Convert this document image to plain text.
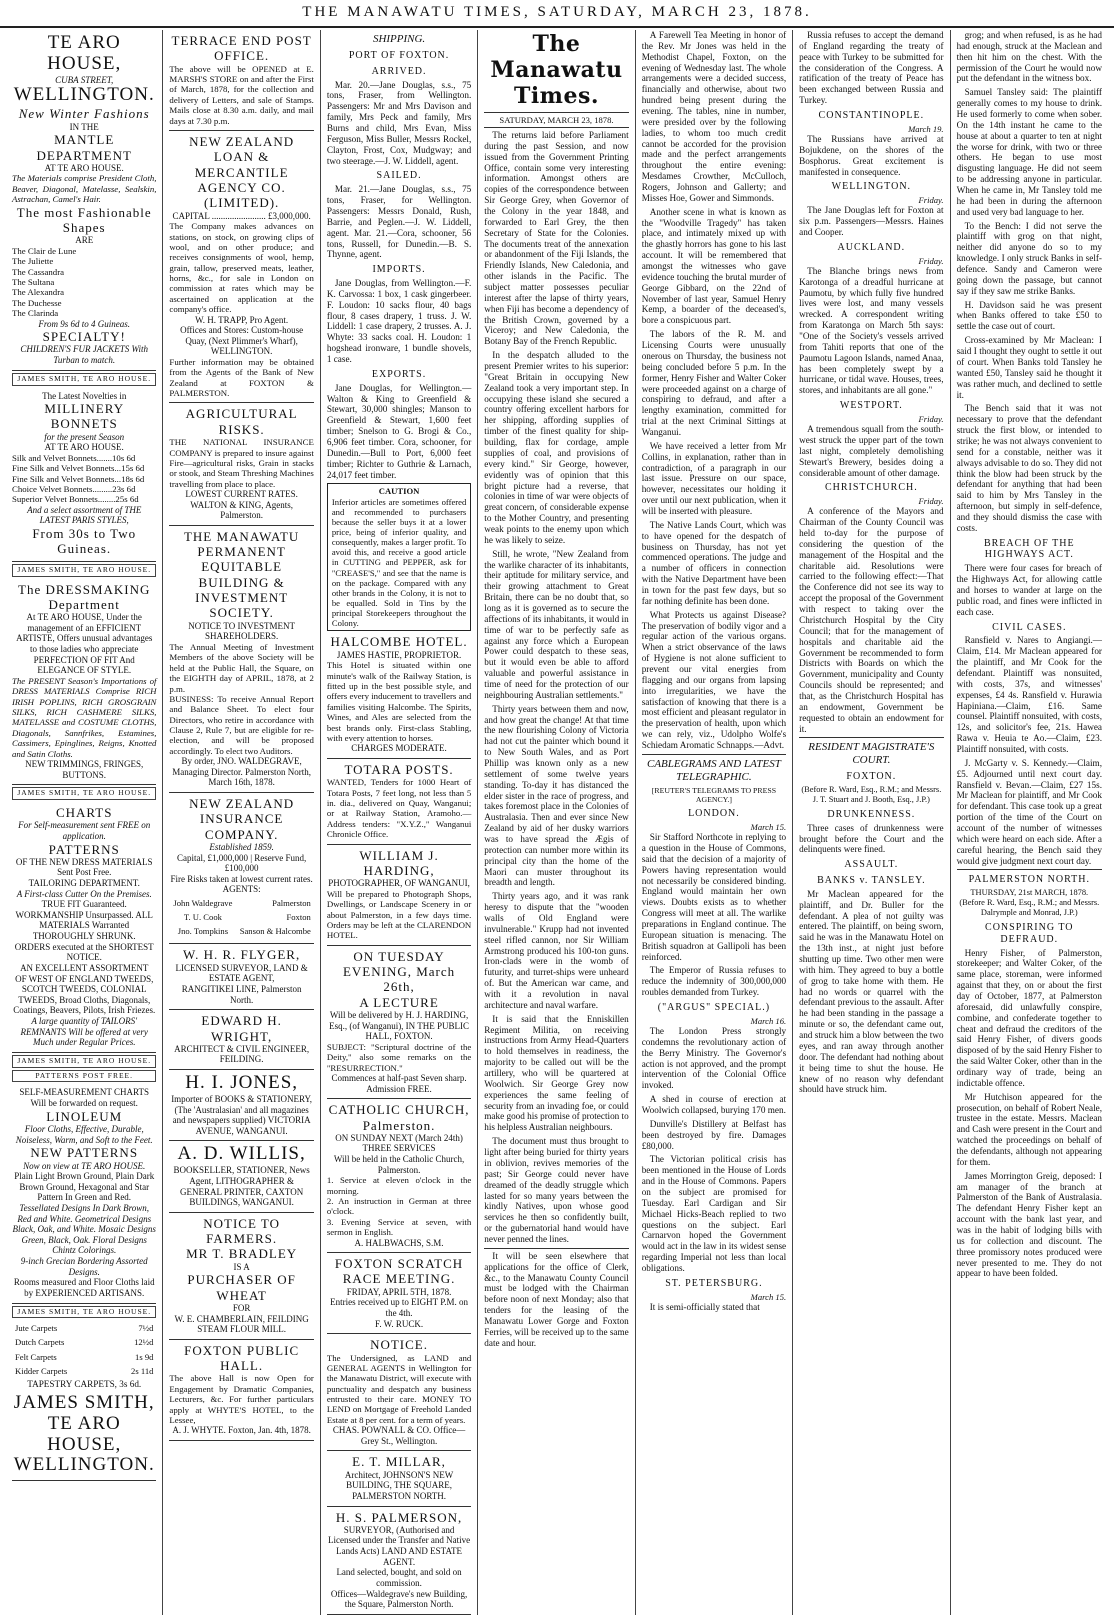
THE MANAWATU TIMES, SATURDAY, MARCH 23, 1878.
TE ARO HOUSE,
CUBA STREET,
WELLINGTON.
New Winter Fashions
IN THE
MANTLE DEPARTMENT
AT TE ARO HOUSE.
The Materials comprise President Cloth, Beaver, Diagonal, Matelasse, Sealskin, Astrachan, Camel's Hair.
The most Fashionable Shapes
ARE
The Clair de Lune
The Juliette
The Cassandra
The Sultana
The Alexandra
The Duchesse
The Clarinda
From 9s 6d to 4 Guineas.
SPECIALTY!
CHILDREN'S FUR JACKETS With Turban to match.
JAMES SMITH, TE ARO HOUSE.
The Latest Novelties in
MILLINERY BONNETS
for the present Season
AT TE ARO HOUSE.
Silk and Velvet Bonnets.......10s 6d
Fine Silk and Velvet Bonnets...15s 6d
Fine Silk and Velvet Bonnets...18s 6d
Choice Velvet Bonnets.........23s 6d
Superior Velvet Bonnets........25s 6d
And a select assortment of THE LATEST PARIS STYLES,
From 30s to Two Guineas.
JAMES SMITH, TE ARO HOUSE.
The DRESSMAKING Department
At TE ARO HOUSE, Under the management of an EFFICIENT ARTISTE, Offers unusual advantages to those ladies who appreciate PERFECTION OF FIT And ELEGANCE OF STYLE.
The PRESENT Season's Importations of DRESS MATERIALS Comprise RICH IRISH POPLINS, RICH GROSGRAIN SILKS, RICH CASHMERE SILKS, MATELASSE and COSTUME CLOTHS, Diagonals, Sannfrikes, Estamines, Cassimers, Epinglines, Reigns, Knotted and Satin Cloths.
NEW TRIMMINGS, FRINGES, BUTTONS.
JAMES SMITH, TE ARO HOUSE.
CHARTS
For Self-measurement sent FREE on application.
PATTERNS
OF THE NEW DRESS MATERIALS Sent Post Free.
TAILORING DEPARTMENT.
A First-class Cutter On the Premises.
TRUE FIT Guaranteed. WORKMANSHIP Unsurpassed. ALL MATERIALS Warranted THOROUGHLY SHRUNK.
ORDERS executed at the SHORTEST NOTICE.
AN EXCELLENT ASSORTMENT
OF WEST OF ENGLAND TWEEDS, SCOTCH TWEEDS, COLONIAL TWEEDS, Broad Cloths, Diagonals, Coatings, Beavers, Pilots, Irish Friezes.
A large quantity of TAILORS' REMNANTS Will be offered at very Much under Regular Prices.
JAMES SMITH, TE ARO HOUSE.
PATTERNS POST FREE.
SELF-MEASUREMENT CHARTS Will be forwarded on request.
LINOLEUM
Floor Cloths, Effective, Durable, Noiseless, Warm, and Soft to the Feet.
NEW PATTERNS
Now on view at TE ARO HOUSE.
Plain Light Brown Ground, Plain Dark Brown Ground, Hexagonal and Star Pattern In Green and Red.
Tessellated Designs In Dark Brown, Red and White. Geometrical Designs Black, Oak, and White. Mosaic Designs Green, Black, Oak. Floral Designs Chintz Colorings.
9-inch Grecian Bordering Assorted Designs.
Rooms measured and Floor Cloths laid by EXPERIENCED ARTISANS.
JAMES SMITH, TE ARO HOUSE.
Jute Carpets	7½d
Dutch Carpets	12½d
Felt Carpets	1s 9d
Kidder Carpets	2s 11d
TAPESTRY CARPETS, 3s 6d.
JAMES SMITH,
TE ARO HOUSE,
WELLINGTON.
TERRACE END POST OFFICE.
The above will be OPENED at E. MARSH'S STORE on and after the First of March, 1878, for the collection and delivery of Letters, and sale of Stamps. Mails close at 8.30 a.m. daily, and mail days at 7.30 p.m.
NEW ZEALAND LOAN & MERCANTILE AGENCY CO. (LIMITED).
CAPITAL ........................ £3,000,000.
The Company makes advances on stations, on stock, on growing clips of wool, and on other produce; and receives consignments of wool, hemp, grain, tallow, preserved meats, leather, horns, &c., for sale in London on commission at rates which may be ascertained on application at the company's office.
W. H. TRAPP, Pro Agent.
Offices and Stores: Custom-house Quay, (Next Plimmer's Wharf), WELLINGTON.
Further information may be obtained from the Agents of the Bank of New Zealand at FOXTON & PALMERSTON.
AGRICULTURAL RISKS.
THE NATIONAL INSURANCE COMPANY is prepared to insure against Fire—agricultural risks, Grain in stacks or stook, and Steam Threshing Machines travelling from place to place.
LOWEST CURRENT RATES.
WALTON & KING, Agents, Palmerston.
THE MANAWATU PERMANENT EQUITABLE BUILDING & INVESTMENT SOCIETY.
NOTICE TO INVESTMENT SHAREHOLDERS.
The Annual Meeting of Investment Members of the above Society will be held at the Public Hall, the Square, on the EIGHTH day of APRIL, 1878, at 2 p.m.
BUSINESS: To receive Annual Report and Balance Sheet. To elect four Directors, who retire in accordance with Clause 2, Rule 7, but are eligible for re-election, and will be proposed accordingly. To elect two Auditors.
By order, JNO. WALDEGRAVE, Managing Director. Palmerston North, March 16th, 1878.
NEW ZEALAND INSURANCE COMPANY.
Established 1859.
Capital, £1,000,000 | Reserve Fund, £100,000
Fire Risks taken at lowest current rates.
AGENTS:
John Waldegrave	Palmerston
T. U. Cook	Foxton
Jno. Tompkins	Sanson & Halcombe
W. H. R. FLYGER,
LICENSED SURVEYOR, LAND & ESTATE AGENT,
RANGITIKEI LINE, Palmerston North.
EDWARD H. WRIGHT,
ARCHITECT & CIVIL ENGINEER, FEILDING.
H. I. JONES,
Importer of BOOKS & STATIONERY, (The 'Australasian' and all magazines and newspapers supplied) VICTORIA AVENUE, WANGANUI.
A. D. WILLIS,
BOOKSELLER, STATIONER, News Agent, LITHOGRAPHER & GENERAL PRINTER, CAXTON BUILDINGS, WANGANUI.
NOTICE TO FARMERS.
MR T. BRADLEY
IS A
PURCHASER OF WHEAT
FOR
W. E. CHAMBERLAIN, FEILDING STEAM FLOUR MILL.
FOXTON PUBLIC HALL.
The above Hall is now Open for Engagement by Dramatic Companies, Lecturers, &c. For further particulars apply at WHYTE'S HOTEL, to the Lessee,
A. J. WHYTE. Foxton, Jan. 4th, 1878.
SHIPPING.
PORT OF FOXTON.
ARRIVED.

Mar. 20.—Jane Douglas, s.s., 75 tons, Fraser, from Wellington. Passengers: Mr and Mrs Davison and family, Mrs Peck and family, Mrs Burns and child, Mrs Evan, Miss Ferguson, Miss Buller, Messrs Rockel, Clayton, Frost, Cox, Mudgway; and two steerage.—J. W. Liddell, agent.

SAILED.

Mar. 21.—Jane Douglas, s.s., 75 tons, Fraser, for Wellington. Passengers: Messrs Donald, Rush, Barrie, and Peglen.—J. W. Liddell, agent. Mar. 21.—Cora, schooner, 56 tons, Russell, for Dunedin.—B. S. Thynne, agent.

IMPORTS.

Jane Douglas, from Wellington.—F. K. Carvossa: 1 box, 1 cask gingerbeer. F. Loudon: 10 sacks flour, 40 bags flour, 8 cases drapery, 1 truss. J. W. Liddell: 1 case drapery, 2 trusses. A. J. Whyte: 33 sacks coal. H. Loudon: 1 hogshead ironware, 1 bundle shovels, 1 case.

EXPORTS.

Jane Douglas, for Wellington.—Walton & King to Greenfield & Stewart, 30,000 shingles; Manson to Greenfield & Stewart, 1,600 feet timber; Snelson to G. Brogi & Co., 6,906 feet timber. Cora, schooner, for Dunedin.—Bull to Port, 6,000 feet timber; Richter to Guthrie & Larnach, 24,017 feet timber.

CAUTION
Inferior articles are sometimes offered and recommended to purchasers because the seller buys it at a lower price, being of inferior quality, and consequently, makes a larger profit. To avoid this, and receive a good article in CUTTING and PEPPER, ask for "CREASE'S," and see that the name is on the package. Compared with any other brands in the Colony, it is not to be equalled. Sold in Tins by the principal Storekeepers throughout the Colony.
HALCOMBE HOTEL.
JAMES HASTIE, PROPRIETOR.
This Hotel is situated within one minute's walk of the Railway Station, is fitted up in the best possible style, and offers every inducement to travellers and families visiting Halcombe. The Spirits, Wines, and Ales are selected from the best brands only. First-class Stabling, with every attention to horses.
CHARGES MODERATE.
TOTARA POSTS.
WANTED, Tenders for 1000 Heart of Totara Posts, 7 feet long, not less than 5 in. dia., delivered on Quay, Wanganui; or at Railway Station, Aramoho.—Address tenders: "X.Y.Z.," Wanganui Chronicle Office.
WILLIAM J. HARDING,
PHOTOGRAPHER, OF WANGANUI,
Will be prepared to Photograph Shops, Dwellings, or Landscape Scenery in or about Palmerston, in a few days time. Orders may be left at the CLARENDON HOTEL.
ON TUESDAY EVENING, March 26th,
A LECTURE
Will be delivered by H. J. HARDING, Esq., (of Wanganui), IN THE PUBLIC HALL, FOXTON.
SUBJECT: "Scriptural doctrine of the Deity," also some remarks on the "RESURRECTION."
Commences at half-past Seven sharp. Admission FREE.
CATHOLIC CHURCH, Palmerston.
ON SUNDAY NEXT (March 24th) THREE SERVICES
Will be held in the Catholic Church, Palmerston.
1. Service at eleven o'clock in the morning.
2. An instruction in German at three o'clock.
3. Evening Service at seven, with sermon in English.
A. HALBWACHS, S.M.
FOXTON SCRATCH RACE MEETING.
FRIDAY, APRIL 5TH, 1878.
Entries received up to EIGHT P.M. on the 4th.
F. W. RUCK.
NOTICE.
The Undersigned, as LAND and GENERAL AGENTS in Wellington for the Manawatu District, will execute with punctuality and despatch any business entrusted to their care. MONEY TO LEND on Mortgage of Freehold Landed Estate at 8 per cent. for a term of years.
CHAS. POWNALL & CO. Office—Grey St., Wellington.
E. T. MILLAR,
Architect, JOHNSON'S NEW BUILDING, THE SQUARE, PALMERSTON NORTH.
H. S. PALMERSON,
SURVEYOR, (Authorised and Licensed under the Transfer and Native Lands Acts) LAND AND ESTATE AGENT.
Land selected, bought, and sold on commission.
Offices—Waldegrave's new Building, the Square, Palmerston North.
The Manawatu Times.
SATURDAY, MARCH 23, 1878.

The returns laid before Parliament during the past Session, and now issued from the Government Printing Office, contain some very interesting information. Amongst others are copies of the correspondence between Sir George Grey, when Governor of the Colony in the year 1848, and forwarded to Earl Grey, the then Secretary of State for the Colonies. The documents treat of the annexation or abandonment of the Fiji Islands, the Friendly Islands, New Caledonia, and other islands in the Pacific. The subject matter possesses peculiar interest after the lapse of thirty years, when Fiji has become a dependency of the British Crown, governed by a Viceroy; and New Caledonia, the Botany Bay of the French Republic.

In the despatch alluded to the present Premier writes to his superior: "Great Britain in occupying New Zealand took a very important step. In occupying these island she secured a country offering excellent harbors for her shipping, affording supplies of timber of the finest quality for ship-building, flax for cordage, ample supplies of coal, and provisions of every kind." Sir George, however, evidently was of opinion that this bright picture had a reverse, that colonies in time of war were objects of great concern, of considerable expense to the Mother Country, and presenting weak points to the enemy upon which he was likely to seize.

Still, he wrote, "New Zealand from the warlike character of its inhabitants, their aptitude for military service, and their growing attachment to Great Britain, there can be no doubt that, so long as it is governed as to secure the affections of its inhabitants, it would in time of war to be perfectly safe as against any force which a European Power could despatch to these seas, but it would even be able to afford valuable and powerful assistance in time of need for the protection of our neighbouring Australian settlements."

Thirty years between them and now, and how great the change! At that time the new flourishing Colony of Victoria had not cut the painter which bound it to New South Wales, and as Port Phillip was known only as a new settlement of some twelve years standing. To-day it has distanced the elder sister in the race of progress, and takes foremost place in the Colonies of Australasia. Then and ever since New Zealand by aid of her dusky warriors was to have spread the Ægis of protection can number more within its principal city than the home of the Maori can muster throughout its breadth and length.

Thirty years ago, and it was rank heresy to dispute that the "wooden walls of Old England were invulnerable." Krupp had not invented steel rifled cannon, nor Sir William Armstrong produced his 100-ton guns. Iron-clads were in the womb of futurity, and turret-ships were unheard of. But the American war came, and with it a revolution in naval architecture and naval warfare.

It is said that the Enniskillen Regiment Militia, on receiving instructions from Army Head-Quarters to hold themselves in readiness, the majority to be called out will be the artillery, who will be quartered at Woolwich. Sir George Grey now experiences the same feeling of security from an invading foe, or could make good his promise of protection to his helpless Australian neighbours.

The document must thus brought to light after being buried for thirty years in oblivion, revives memories of the past; Sir George could never have dreamed of the deadly struggle which lasted for so many years between the kindly Natives, upon whose good services he then so confidently built, or the gubernatorial hand would have never penned the lines.

It will be seen elsewhere that applications for the office of Clerk, &c., to the Manawatu County Council must be lodged with the Chairman before noon of next Monday; also that tenders for the leasing of the Manawatu Lower Gorge and Foxton Ferries, will be received up to the same date and hour.

A Farewell Tea Meeting in honor of the Rev. Mr Jones was held in the Methodist Chapel, Foxton, on the evening of Wednesday last. The whole arrangements were a decided success, financially and otherwise, about two hundred being present during the evening. The tables, nine in number, were presided over by the following ladies, to whom too much credit cannot be accorded for the provision made and the perfect arrangements throughout the entire evening: Mesdames Crowther, McCulloch, Rogers, Johnson and Gallerty; and Misses Hoe, Gower and Simmonds.

Another scene in what is known as the "Woodville Tragedy" has taken place, and intimately mixed up with the ghastly horrors has gone to his last account. It will be remembered that amongst the witnesses who gave evidence touching the brutal murder of George Gibbard, on the 22nd of November of last year, Samuel Henry Kemp, a boarder of the deceased's, bore a conspicuous part.

The labors of the R. M. and Licensing Courts were unusually onerous on Thursday, the business not being concluded before 5 p.m. In the former, Henry Fisher and Walter Coker were proceeded against on a charge of conspiring to defraud, and after a lengthy examination, committed for trial at the next Criminal Sittings at Wanganui.

We have received a letter from Mr Collins, in explanation, rather than in contradiction, of a paragraph in our last issue. Pressure on our space, however, necessitates our holding it over until our next publication, when it will be inserted with pleasure.

The Native Lands Court, which was to have opened for the despatch of business on Thursday, has not yet commenced operations. The judge and a number of officers in connection with the Native Department have been in town for the past few days, but so far nothing definite has been done.

What Protects us against Disease? The preservation of bodily vigor and a regular action of the various organs. When a strict observance of the laws of Hygiene is not alone sufficient to prevent our vital energies from flagging and our organs from lapsing into irregularities, we have the satisfaction of knowing that there is a most efficient and pleasant regulator in the preservation of health, upon which we can rely, viz., Udolpho Wolfe's Schiedam Aromatic Schnapps.—Advt.

CABLEGRAMS AND LATEST TELEGRAPHIC.
[REUTER'S TELEGRAMS TO PRESS AGENCY.]
LONDON.
March 15.

Sir Stafford Northcote in replying to a question in the House of Commons, said that the decision of a majority of Powers having representation would not necessarily be considered binding. England would maintain her own views. Doubts exists as to whether Congress will meet at all. The warlike preparations in England continue. The European situation is menacing. The British squadron at Gallipoli has been reinforced.

The Emperor of Russia refuses to reduce the indemnity of 300,000,000 roubles demanded from Turkey.

("ARGUS" SPECIAL.)
March 16.

The London Press strongly condemns the revolutionary action of the Berry Ministry. The Governor's action is not approved, and the prompt intervention of the Colonial Office invoked.

A shed in course of erection at Woolwich collapsed, burying 170 men.

Dunville's Distillery at Belfast has been destroyed by fire. Damages £80,000.

The Victorian political crisis has been mentioned in the House of Lords and in the House of Commons. Papers on the subject are promised for Tuesday. Earl Cardigan and Sir Michael Hicks-Beach replied to two questions on the subject. Earl Carnarvon hoped the Government would act in the law in its widest sense regarding Imperial not less than local obligations.

ST. PETERSBURG.
March 15.

It is semi-officially stated that

Russia refuses to accept the demand of England regarding the treaty of peace with Turkey to be submitted for the consideration of the Congress. A ratification of the treaty of Peace has been exchanged between Russia and Turkey.

CONSTANTINOPLE.
March 19.

The Russians have arrived at Bojukdene, on the shores of the Bosphorus. Great excitement is manifested in consequence.

WELLINGTON.
Friday.

The Jane Douglas left for Foxton at six p.m. Passengers—Messrs. Haines and Cooper.

AUCKLAND.
Friday.

The Blanche brings news from Karotonga of a dreadful hurricane at Paumotu, by which fully five hundred lives were lost, and many vessels wrecked. A correspondent writing from Karatonga on March 5th says: "One of the Society's vessels arrived from Tahiti reports that one of the Paumotu Lagoon Islands, named Anaa, has been completely swept by a hurricane, or tidal wave. Houses, trees, stores, and inhabitants are all gone."

WESTPORT.
Friday.

A tremendous squall from the south-west struck the upper part of the town last night, completely demolishing Stewart's Brewery, besides doing a considerable amount of other damage.

CHRISTCHURCH.
Friday.

A conference of the Mayors and Chairman of the County Council was held to-day for the purpose of considering the question of the management of the Hospital and the charitable aid. Resolutions were carried to the following effect:—That the Conference did not see its way to accept the proposal of the Government with respect to taking over the Christchurch Hospital by the City Council; that for the management of hospitals and charitable aid the Government be recommended to form Districts with Boards on which the Government, municipality and County Councils should be represented; and that, as the Christchurch Hospital has an endowment, Government be requested to obtain an endowment for it.

RESIDENT MAGISTRATE'S COURT.
FOXTON.
(Before R. Ward, Esq., R.M.; and Messrs. J. T. Stuart and J. Booth, Esq., J.P.)
DRUNKENNESS.

Three cases of drunkenness were brought before the Court and the delinquents were fined.

ASSAULT.
BANKS v. TANSLEY.

Mr Maclean appeared for the plaintiff, and Dr. Buller for the defendant. A plea of not guilty was entered. The plaintiff, on being sworn, said he was in the Manawatu Hotel on the 13th inst., at night just before shutting up time. Two other men were with him. They agreed to buy a bottle of grog to take home with them. He had no words or quarrel with the defendant previous to the assault. After he had been standing in the passage a minute or so, the defendant came out, and struck him a blow between the two eyes, and ran away through another door. The defendant had nothing about it being time to shut the house. He knew of no reason why defendant should have struck him.

grog; and when refused, is as he had had enough, struck at the Maclean and then hit him on the chest. With the permission of the Court he would now put the defendant in the witness box.

Samuel Tansley said: The plaintiff generally comes to my house to drink. He used formerly to come when sober. On the 14th instant he came to the house at about a quarter to ten at night the worse for drink, with two or three others. He began to use most disgusting language. He did not seem to be addressing anyone in particular. When he came in, Mr Tansley told me he had been in during the afternoon and used very bad language to her.

To the Bench: I did not serve the plaintiff with grog on that night, neither did anyone do so to my knowledge. I only struck Banks in self-defence. Sandy and Cameron were going down the passage, but cannot say if they saw me strike Banks.

H. Davidson said he was present when Banks offered to take £50 to settle the case out of court.

Cross-examined by Mr Maclean: I said I thought they ought to settle it out of court. When Banks told Tansley he wanted £50, Tansley said he thought it was rather much, and declined to settle it.

The Bench said that it was not necessary to prove that the defendant struck the first blow, or intended to strike; he was not always convenient to send for a constable, neither was it always advisable to do so. They did not think the blow had been struck by the defendant for anything that had been said to him by Mrs Tansley in the afternoon, but simply in self-defence, and they should dismiss the case with costs.

BREACH OF THE HIGHWAYS ACT.

There were four cases for breach of the Highways Act, for allowing cattle and horses to wander at large on the public road, and fines were inflicted in each case.

CIVIL CASES.

Ransfield v. Nares to Angiangi.—Claim, £14. Mr Maclean appeared for the plaintiff, and Mr Cook for the defendant. Plaintiff was nonsuited, with costs, 37s, and witnesses' expenses, £4 4s. Ransfield v. Hurawia Hapiniana.—Claim, £16. Same counsel. Plaintiff nonsuited, with costs, 12s, and solicitor's fee, 21s. Hawea Rawa v. Heuia te Ao.—Claim, £23. Plaintiff nonsuited, with costs.

J. McGarty v. S. Kennedy.—Claim, £5. Adjourned until next court day. Ransfield v. Bevan.—Claim, £27 15s. Mr Maclean for plaintiff, and Mr Cook for defendant. This case took up a great portion of the time of the Court on account of the number of witnesses which were heard on each side. After a careful hearing, the Bench said they would give judgment next court day.

PALMERSTON NORTH.
THURSDAY, 21st MARCH, 1878.
(Before R. Ward, Esq., R.M.; and Messrs. Dalrymple and Monrad, J.P.)
CONSPIRING TO DEFRAUD.

Henry Fisher, of Palmerston, storekeeper; and Walter Coker, of the same place, storeman, were informed against that they, on or about the first day of October, 1877, at Palmerston aforesaid, did unlawfully conspire, combine, and confederate together to cheat and defraud the creditors of the said Henry Fisher, of divers goods disposed of by the said Henry Fisher to the said Walter Coker, other than in the ordinary way of trade, being an indictable offence.

Mr Hutchison appeared for the prosecution, on behalf of Robert Neale, trustee in the estate. Messrs. Maclean and Cash were present in the Court and watched the proceedings on behalf of the defendants, although not appearing for them.

James Morrington Greig, deposed: I am manager of the branch at Palmerston of the Bank of Australasia. The defendant Henry Fisher kept an account with the bank last year, and was in the habit of lodging bills with us for collection and discount. The three promissory notes produced were never presented to me. They do not appear to have been folded.
